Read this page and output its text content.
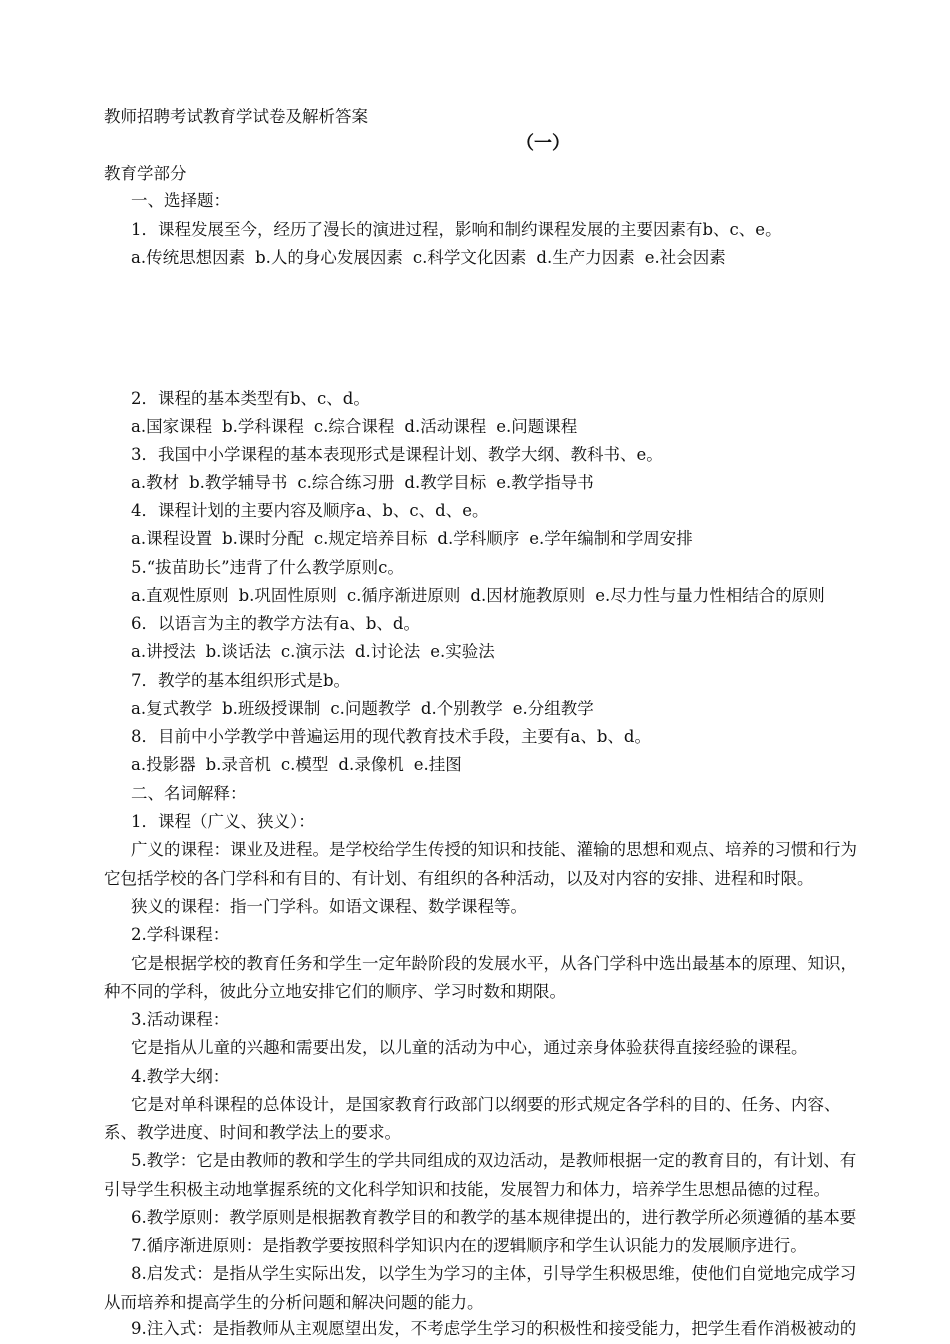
教师招聘考试教育学试卷及解析答案
（一）
教育学部分
一、选择题：
1．课程发展至今，经历了漫长的演进过程，影响和制约课程发展的主要因素有b、c、e。
a.传统思想因素 b.人的身心发展因素 c.科学文化因素 d.生产力因素 e.社会因素
2．课程的基本类型有b、c、d。
a.国家课程 b.学科课程 c.综合课程 d.活动课程 e.问题课程
3．我国中小学课程的基本表现形式是课程计划、教学大纲、教科书、e。
a.教材 b.教学辅导书 c.综合练习册 d.教学目标 e.教学指导书
4．课程计划的主要内容及顺序a、b、c、d、e。
a.课程设置 b.课时分配 c.规定培养目标 d.学科顺序 e.学年编制和学周安排
5.“拔苗助长”违背了什么教学原则c。
a.直观性原则 b.巩固性原则 c.循序渐进原则 d.因材施教原则 e.尽力性与量力性相结合的原则
6．以语言为主的教学方法有a、b、d。
a.讲授法 b.谈话法 c.演示法 d.讨论法 e.实验法
7．教学的基本组织形式是b。
a.复式教学 b.班级授课制 c.问题教学 d.个别教学 e.分组教学
8．目前中小学教学中普遍运用的现代教育技术手段，主要有a、b、d。
a.投影器 b.录音机 c.模型 d.录像机 e.挂图
二、名词解释：
1．课程（广义、狭义）：
广义的课程：课业及进程。是学校给学生传授的知识和技能、灌输的思想和观点、培养的习惯和行为
它包括学校的各门学科和有目的、有计划、有组织的各种活动，以及对内容的安排、进程和时限。
狭义的课程：指一门学科。如语文课程、数学课程等。
2.学科课程：
它是根据学校的教育任务和学生一定年龄阶段的发展水平，从各门学科中选出最基本的原理、知识，
种不同的学科，彼此分立地安排它们的顺序、学习时数和期限。
3.活动课程：
它是指从儿童的兴趣和需要出发，以儿童的活动为中心，通过亲身体验获得直接经验的课程。
4.教学大纲：
它是对单科课程的总体设计，是国家教育行政部门以纲要的形式规定各学科的目的、任务、内容、
系、教学进度、时间和教学法上的要求。
5.教学：它是由教师的教和学生的学共同组成的双边活动，是教师根据一定的教育目的，有计划、有
引导学生积极主动地掌握系统的文化科学知识和技能，发展智力和体力，培养学生思想品德的过程。
6.教学原则：教学原则是根据教育教学目的和教学的基本规律提出的，进行教学所必须遵循的基本要
7.循序渐进原则：是指教学要按照科学知识内在的逻辑顺序和学生认识能力的发展顺序进行。
8.启发式：是指从学生实际出发，以学生为学习的主体，引导学生积极思维，使他们自觉地完成学习
从而培养和提高学生的分析问题和解决问题的能力。
9.注入式：是指教师从主观愿望出发，不考虑学生学习的积极性和接受能力，把学生看作消极被动的
